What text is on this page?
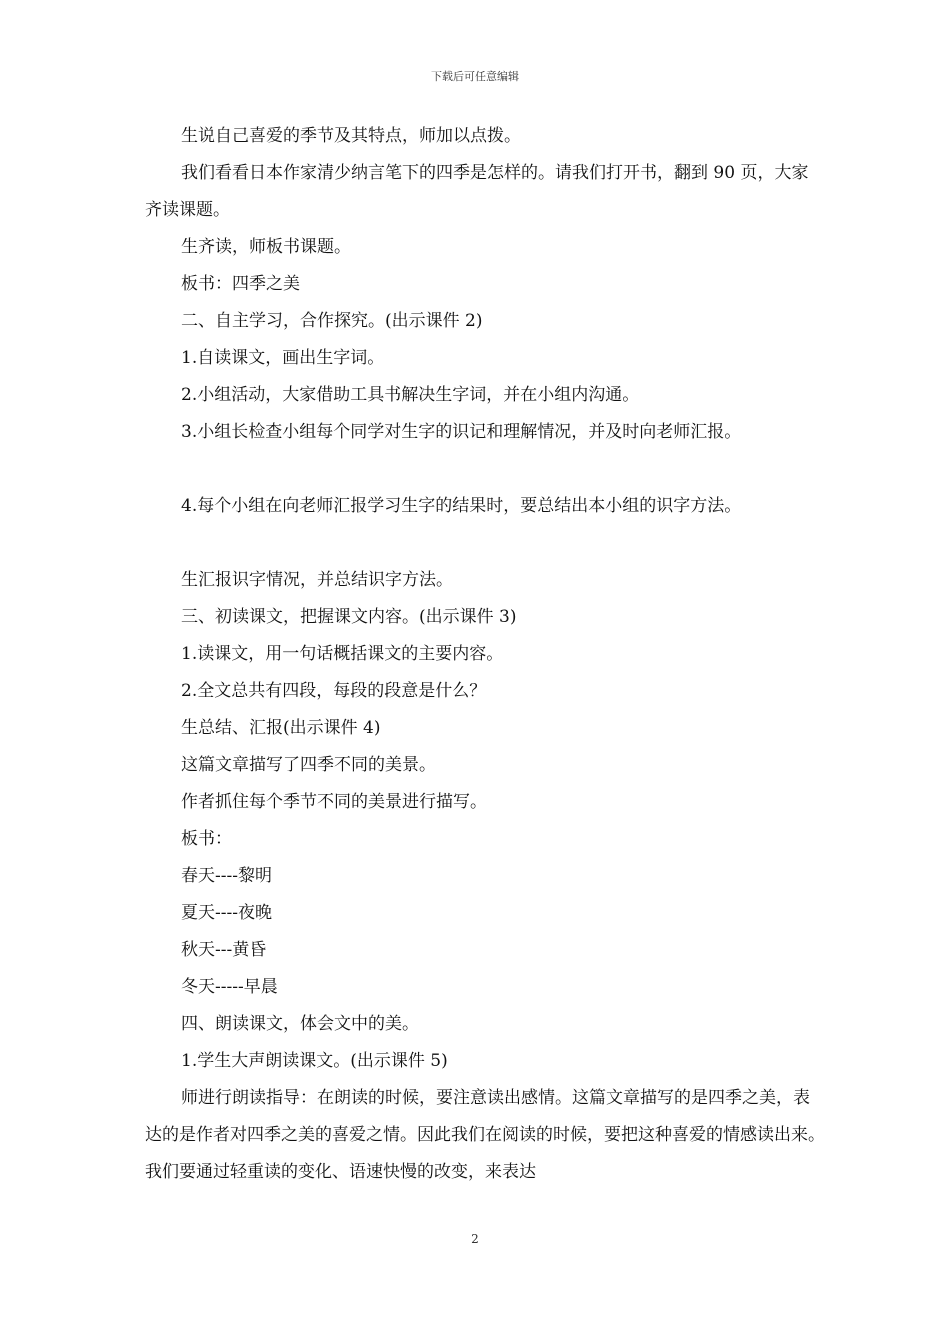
下载后可任意编辑

生说自己喜爱的季节及其特点，师加以点拨。

我们看看日本作家清少纳言笔下的四季是怎样的。请我们打开书，翻到 90 页，大家齐读课题。

生齐读，师板书课题。

板书：四季之美

二、自主学习，合作探究。(出示课件 2)

1.自读课文，画出生字词。

2.小组活动，大家借助工具书解决生字词，并在小组内沟通。

3.小组长检查小组每个同学对生字的识记和理解情况，并及时向老师汇报。

4.每个小组在向老师汇报学习生字的结果时，要总结出本小组的识字方法。

生汇报识字情况，并总结识字方法。

三、初读课文，把握课文内容。(出示课件 3)

1.读课文，用一句话概括课文的主要内容。

2.全文总共有四段，每段的段意是什么？

生总结、汇报(出示课件 4)

这篇文章描写了四季不同的美景。

作者抓住每个季节不同的美景进行描写。

板书：

春天----黎明

夏天----夜晚

秋天---黄昏

冬天-----早晨

四、朗读课文，体会文中的美。

1.学生大声朗读课文。(出示课件 5)

师进行朗读指导：在朗读的时候，要注意读出感情。这篇文章描写的是四季之美，表达的是作者对四季之美的喜爱之情。因此我们在阅读的时候，要把这种喜爱的情感读出来。我们要通过轻重读的变化、语速快慢的改变，来表达

2
